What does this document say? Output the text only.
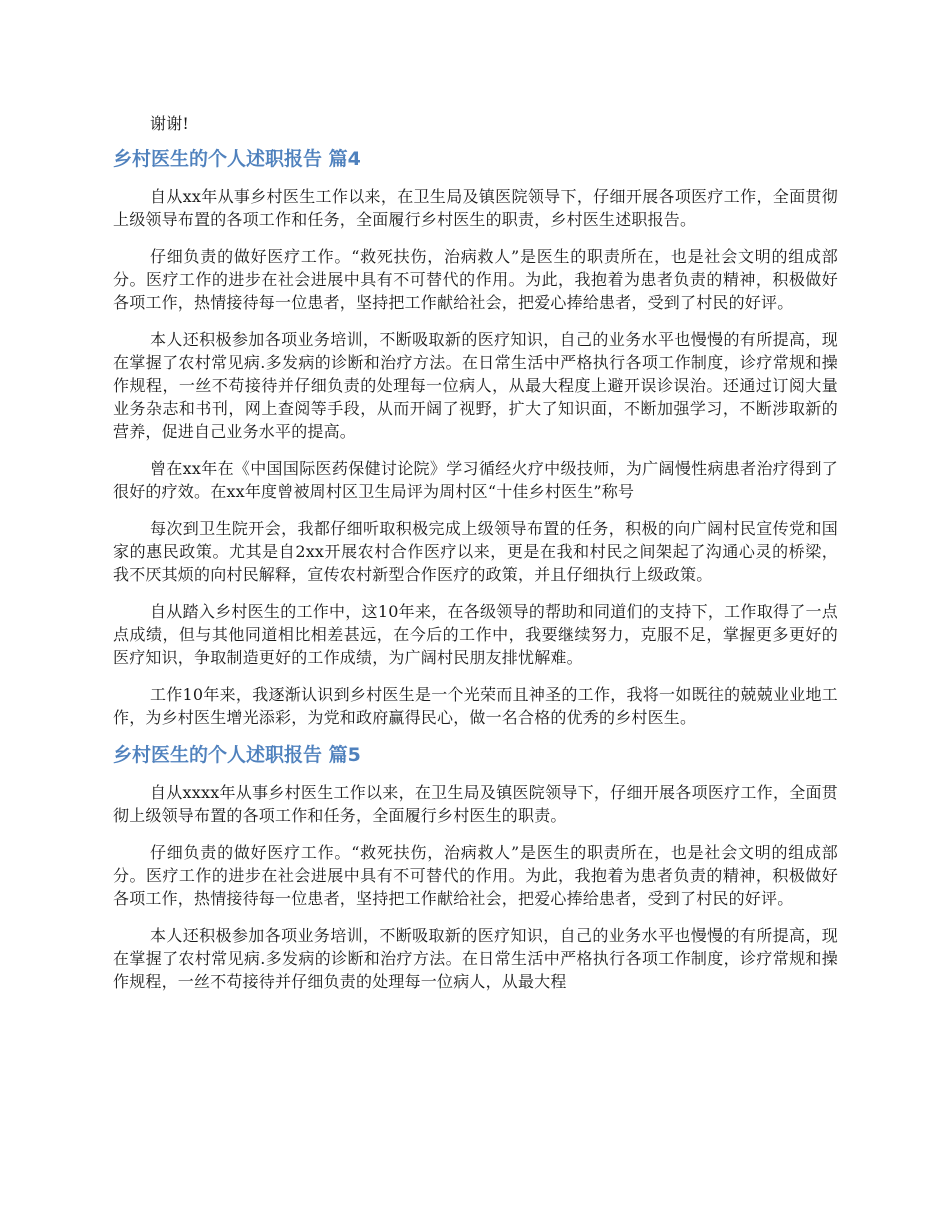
谢谢!

乡村医生的个人述职报告 篇4

自从xx年从事乡村医生工作以来，在卫生局及镇医院领导下，仔细开展各项医疗工作，全面贯彻上级领导布置的各项工作和任务，全面履行乡村医生的职责，乡村医生述职报告。

仔细负责的做好医疗工作。“救死扶伤，治病救人”是医生的职责所在，也是社会文明的组成部分。医疗工作的进步在社会进展中具有不可替代的作用。为此，我抱着为患者负责的精神，积极做好各项工作，热情接待每一位患者，坚持把工作献给社会，把爱心捧给患者，受到了村民的好评。

本人还积极参加各项业务培训，不断吸取新的医疗知识，自己的业务水平也慢慢的有所提高，现在掌握了农村常见病.多发病的诊断和治疗方法。在日常生活中严格执行各项工作制度，诊疗常规和操作规程，一丝不苟接待并仔细负责的处理每一位病人，从最大程度上避开误诊误治。还通过订阅大量业务杂志和书刊，网上查阅等手段，从而开阔了视野，扩大了知识面，不断加强学习，不断涉取新的营养，促进自己业务水平的提高。

曾在xx年在《中国国际医药保健讨论院》学习循经火疗中级技师，为广阔慢性病患者治疗得到了很好的疗效。在xx年度曾被周村区卫生局评为周村区“十佳乡村医生”称号

每次到卫生院开会，我都仔细听取积极完成上级领导布置的任务，积极的向广阔村民宣传党和国家的惠民政策。尤其是自2xx开展农村合作医疗以来，更是在我和村民之间架起了沟通心灵的桥梁，我不厌其烦的向村民解释，宣传农村新型合作医疗的政策，并且仔细执行上级政策。

自从踏入乡村医生的工作中，这10年来，在各级领导的帮助和同道们的支持下，工作取得了一点点成绩，但与其他同道相比相差甚远，在今后的工作中，我要继续努力，克服不足，掌握更多更好的医疗知识，争取制造更好的工作成绩，为广阔村民朋友排忧解难。

工作10年来，我逐渐认识到乡村医生是一个光荣而且神圣的工作，我将一如既往的兢兢业业地工作，为乡村医生增光添彩，为党和政府赢得民心，做一名合格的优秀的乡村医生。

乡村医生的个人述职报告 篇5

自从xxxx年从事乡村医生工作以来，在卫生局及镇医院领导下，仔细开展各项医疗工作，全面贯彻上级领导布置的各项工作和任务，全面履行乡村医生的职责。

仔细负责的做好医疗工作。“救死扶伤，治病救人”是医生的职责所在，也是社会文明的组成部分。医疗工作的进步在社会进展中具有不可替代的作用。为此，我抱着为患者负责的精神，积极做好各项工作，热情接待每一位患者，坚持把工作献给社会，把爱心捧给患者，受到了村民的好评。

本人还积极参加各项业务培训，不断吸取新的医疗知识，自己的业务水平也慢慢的有所提高，现在掌握了农村常见病.多发病的诊断和治疗方法。在日常生活中严格执行各项工作制度，诊疗常规和操作规程，一丝不苟接待并仔细负责的处理每一位病人，从最大程
